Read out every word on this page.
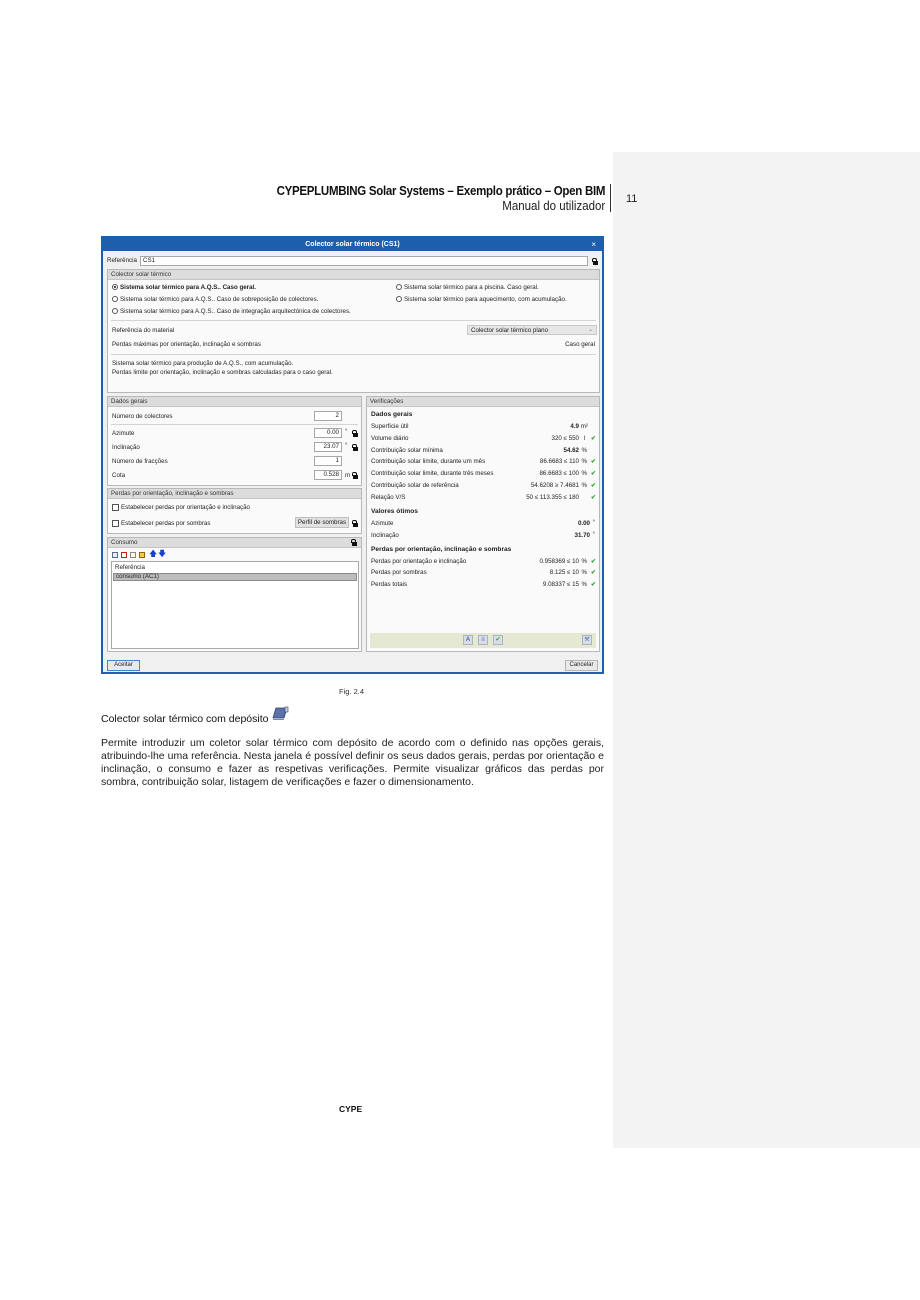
CYPEPLUMBING Solar Systems – Exemplo prático – Open BIM
Manual do utilizador 11
Colector solar térmico (CS1)	×
Referência CS1
Colector solar térmico
Sistema solar térmico para A.Q.S.. Caso geral.
Sistema solar térmico para A.Q.S.. Caso de sobreposição de colectores.
Sistema solar térmico para A.Q.S.. Caso de integração arquitectónica de colectores.
Sistema solar térmico para a piscina. Caso geral.
Sistema solar térmico para aquecimento, com acumulação.
Referência do material	Colector solar térmico plano	⌄
Perdas máximas por orientação, inclinação e sombras	Caso geral
Sistema solar térmico para produção de A.Q.S., com acumulação.
Perdas limite por orientação, inclinação e sombras calculadas para o caso geral.
Dados gerais
Número de colectores	2
Azimute	0.00 °
Inclinação	23.07 °
Número de fracções	1
Cota	0.528 m
Perdas por orientação, inclinação e sombras
Estabelecer perdas por orientação e inclinação
Estabelecer perdas por sombras	Perfil de sombras
Consumo
🡅 🡇
Referência
consumo (AC1)
Verificações
Dados gerais
Superfície útil	4.9 m²
Volume diário	320 ≤ 550 l ✔
Contribuição solar mínima	54.62 %
Contribuição solar limite, durante um mês	86.6683 ≤ 110 % ✔
Contribuição solar limite, durante três meses	86.6683 ≤ 100 % ✔
Contribuição solar de referência	54.6208 ≥ 7.4681 % ✔
Relação V/S	50 ≤ 113.355 ≤ 180 ✔
Valores ótimos
Azimute	0.00 °
Inclinação	31.70 °
Perdas por orientação, inclinação e sombras
Perdas por orientação e inclinação	0.958369 ≤ 10 % ✔
Perdas por sombras	8.125 ≤ 10 % ✔
Perdas totais	9.08337 ≤ 15 % ✔
A	≡	✔	⚒
Aceitar	Cancelar
Fig. 2.4
Colector solar térmico com depósito
Permite introduzir um coletor solar térmico com depósito de acordo com o definido nas opções gerais, atribuindo-lhe uma referência. Nesta janela é possível definir os seus dados gerais, perdas por orientação e inclinação, o consumo e fazer as respetivas verificações. Permite visualizar gráficos das perdas por sombra, contribuição solar, listagem de verificações e fazer o dimensionamento.
CYPE
